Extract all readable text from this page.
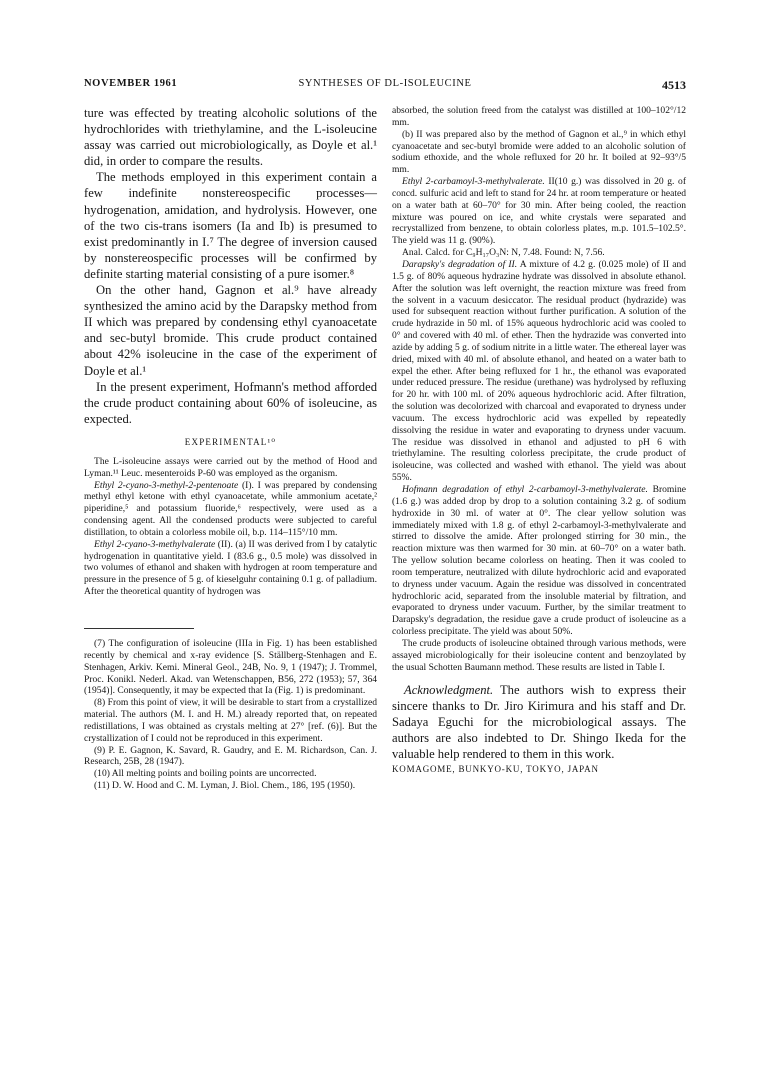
NOVEMBER 1961	SYNTHESES OF DL-ISOLEUCINE	4513

ture was effected by treating alcoholic solutions of the hydrochlorides with triethylamine, and the L-isoleucine assay was carried out microbiologically, as Doyle et al.¹ did, in order to compare the results.

The methods employed in this experiment contain a few indefinite nonstereospecific processes—hydrogenation, amidation, and hydrolysis. However, one of the two cis-trans isomers (Ia and Ib) is presumed to exist predominantly in I.⁷ The degree of inversion caused by nonstereospecific processes will be confirmed by definite starting material consisting of a pure isomer.⁸

On the other hand, Gagnon et al.⁹ have already synthesized the amino acid by the Darapsky method from II which was prepared by condensing ethyl cyanoacetate and sec-butyl bromide. This crude product contained about 42% isoleucine in the case of the experiment of Doyle et al.¹

In the present experiment, Hofmann's method afforded the crude product containing about 60% of isoleucine, as expected.

EXPERIMENTAL¹⁰

The L-isoleucine assays were carried out by the method of Hood and Lyman.¹¹ Leuc. mesenteroids P-60 was employed as the organism.

Ethyl 2-cyano-3-methyl-2-pentenoate (I). I was prepared by condensing methyl ethyl ketone with ethyl cyanoacetate, while ammonium acetate,² piperidine,⁵ and potassium fluoride,⁶ respectively, were used as a condensing agent. All the condensed products were subjected to careful distillation, to obtain a colorless mobile oil, b.p. 114–115°/10 mm.

Ethyl 2-cyano-3-methylvalerate (II). (a) II was derived from I by catalytic hydrogenation in quantitative yield. I (83.6 g., 0.5 mole) was dissolved in two volumes of ethanol and shaken with hydrogen at room temperature and pressure in the presence of 5 g. of kieselguhr containing 0.1 g. of palladium. After the theoretical quantity of hydrogen was

(7) The configuration of isoleucine (IIIa in Fig. 1) has been established recently by chemical and x-ray evidence [S. Ställberg-Stenhagen and E. Stenhagen, Arkiv. Kemi. Mineral Geol., 24B, No. 9, 1 (1947); J. Trommel, Proc. Konikl. Nederl. Akad. van Wetenschappen, B56, 272 (1953); 57, 364 (1954)]. Consequently, it may be expected that Ia (Fig. 1) is predominant.

(8) From this point of view, it will be desirable to start from a crystallized material. The authors (M. I. and H. M.) already reported that, on repeated redistillations, I was obtained as crystals melting at 27° [ref. (6)]. But the crystallization of I could not be reproduced in this experiment.

(9) P. E. Gagnon, K. Savard, R. Gaudry, and E. M. Richardson, Can. J. Research, 25B, 28 (1947).

(10) All melting points and boiling points are uncorrected.

(11) D. W. Hood and C. M. Lyman, J. Biol. Chem., 186, 195 (1950).

absorbed, the solution freed from the catalyst was distilled at 100–102°/12 mm.

(b) II was prepared also by the method of Gagnon et al.,⁹ in which ethyl cyanoacetate and sec-butyl bromide were added to an alcoholic solution of sodium ethoxide, and the whole refluxed for 20 hr. It boiled at 92–93°/5 mm.

Ethyl 2-carbamoyl-3-methylvalerate. II(10 g.) was dissolved in 20 g. of concd. sulfuric acid and left to stand for 24 hr. at room temperature or heated on a water bath at 60–70° for 30 min. After being cooled, the reaction mixture was poured on ice, and white crystals were separated and recrystallized from benzene, to obtain colorless plates, m.p. 101.5–102.5°. The yield was 11 g. (90%).

Anal. Calcd. for C₉H₁₇O₃N: N, 7.48. Found: N, 7.56.

Darapsky's degradation of II. A mixture of 4.2 g. (0.025 mole) of II and 1.5 g. of 80% aqueous hydrazine hydrate was dissolved in absolute ethanol. After the solution was left overnight, the reaction mixture was freed from the solvent in a vacuum desiccator. The residual product (hydrazide) was used for subsequent reaction without further purification. A solution of the crude hydrazide in 50 ml. of 15% aqueous hydrochloric acid was cooled to 0° and covered with 40 ml. of ether. Then the hydrazide was converted into azide by adding 5 g. of sodium nitrite in a little water. The ethereal layer was dried, mixed with 40 ml. of absolute ethanol, and heated on a water bath to expel the ether. After being refluxed for 1 hr., the ethanol was evaporated under reduced pressure. The residue (urethane) was hydrolysed by refluxing for 20 hr. with 100 ml. of 20% aqueous hydrochloric acid. After filtration, the solution was decolorized with charcoal and evaporated to dryness under vacuum. The excess hydrochloric acid was expelled by repeatedly dissolving the residue in water and evaporating to dryness under vacuum. The residue was dissolved in ethanol and adjusted to pH 6 with triethylamine. The resulting colorless precipitate, the crude product of isoleucine, was collected and washed with ethanol. The yield was about 55%.

Hofmann degradation of ethyl 2-carbamoyl-3-methylvalerate. Bromine (1.6 g.) was added drop by drop to a solution containing 3.2 g. of sodium hydroxide in 30 ml. of water at 0°. The clear yellow solution was immediately mixed with 1.8 g. of ethyl 2-carbamoyl-3-methylvalerate and stirred to dissolve the amide. After prolonged stirring for 30 min., the reaction mixture was then warmed for 30 min. at 60–70° on a water bath. The yellow solution became colorless on heating. Then it was cooled to room temperature, neutralized with dilute hydrochloric acid and evaporated to dryness under vacuum. Again the residue was dissolved in concentrated hydrochloric acid, separated from the insoluble material by filtration, and evaporated to dryness under vacuum. Further, by the similar treatment to Darapsky's degradation, the residue gave a crude product of isoleucine as a colorless precipitate. The yield was about 50%.

The crude products of isoleucine obtained through various methods, were assayed microbiologically for their isoleucine content and benzoylated by the usual Schotten Baumann method. These results are listed in Table I.

Acknowledgment. The authors wish to express their sincere thanks to Dr. Jiro Kirimura and his staff and Dr. Sadaya Eguchi for the microbiological assays. The authors are also indebted to Dr. Shingo Ikeda for the valuable help rendered to them in this work.

KOMAGOME, BUNKYO-KU, TOKYO, JAPAN
